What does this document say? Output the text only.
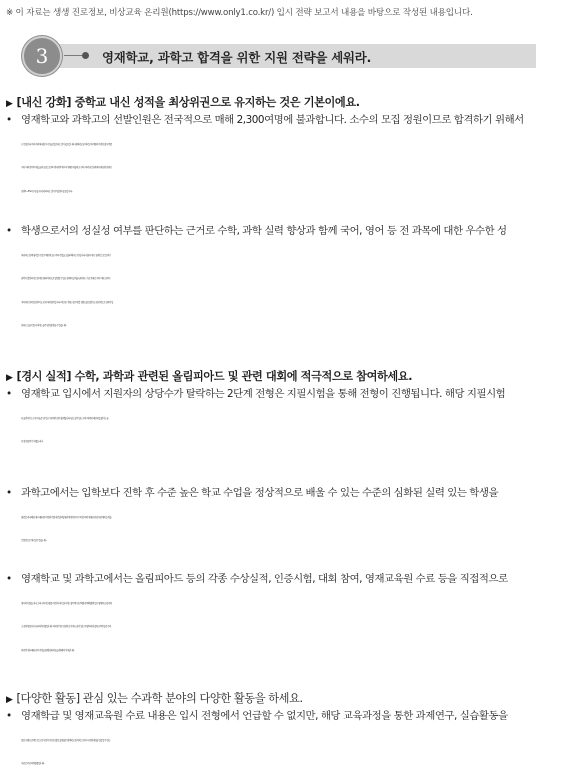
※ 이 자료는 생생 진로정보, 비상교육 온리원(https://www.only1.co.kr/) 입시 전략 보고서 내용을 바탕으로 작성된 내용입니다.
3	영재학교, 과학고 합격을 위한 지원 전략을 세워라.
▶ [내신 강화] 중학교 내신 성적을 최상위권으로 유지하는 것은 기본이에요.
• 영재학교와 과학고의 선발인원은 전국적으로 매해 2,300여명에 불과합니다. 소수의 모집 정원이므로 합격하기 위해서
는 무엇보다 수학, 과학에 대한 우수성을 입증하는 것이 중요합니다. 영재학교 및 과학고에 지원하기 위한 첫 단계로
수학, 과학 분야의 재능을 학교장으로부터 추천 받아야 하기 때문에 중학교 수학, 과학 내신성적에서 최상위 성적인
상위 1~3%의 수준을 유지, 관리하는 것이 무엇보다 중요합니다.
• 학생으로서의 성실성 여부를 판단하는 근거로 수학, 과학 실력 향상과 함께 국어, 영어 등 전 과목에 대한 우수한 성
적 관리도 함께 평가할 수 있기 때문에 모든 과목 수업을 소홀히 해서는 안 됩니다. 더불어 내신 성적만으로 합격의
당락이 결정되지는 않지만, 장래 과학도로 발전할 수 있는 잠재적 능력을 판단하는 기초 잣대로 수학, 과학 교과의
지속적인 성적 향상 추이도 주요하게 평가합니다. 학년 초기에는 낮은 학업 성취도를 보였어도 점진적으로 성적이 향
상되는 모습이 입시에서는 좋은 평가를 받을 수 있습니다.
▶ [경시 실적] 수학, 과학과 관련된 올림피아드 및 관련 대회에 적극적으로 참여하세요.
• 영재학교 입시에서 지원자의 상당수가 탈락하는 2단계 전형은 지필시험을 통해 전형이 진행됩니다. 해당 지필시험
은 올림피아드 수준의 높은 난이도의 문제가 많이 출제됩니다. 평소 깊이 있는 수학, 과학에 대한 학습 없이는 좋
은 점수를 얻기 어렵습니다.
• 과학고에서는 입학보다 진학 후 수준 높은 학교 수업을 정상적으로 배울 수 있는 수준의 심화된 실력 있는 학생을
희망합니다. 해당 경시대회 참여 경험이 있다면 입학담당관에게 본인의 수학 및 과학에 대한 관심과 잠재적 능력을
간접적으로 제시할 수 있습니다.
• 영재학교 및 과학고에서는 올림피아드 등의 각종 수상실적, 인증시험, 대회 참여, 영재교육원 수료 등을 직접적으로
평가하지 않습니다. 그러나 이러한 활동 과정 속에서 길러지는 창의력, 탐구역량, 문제해결력 등은 영재학교 및 과학
고 진학에 있어서 유리하게 작용됩니다. 과학 분야로 성장하고자 하는 꿈이 있는 학생이라면, 중학교 3년 동안 수과
학 관련 경시대회 준비 과정을 통해 심화 학습을 병행하기 바랍니다.
▶ [다양한 활동] 관심 있는 수과학 분야의 다양한 활동을 하세요.
• 영재학급 및 영재교육원 수료 내용은 입시 전형에서 언급할 수 없지만, 해당 교육과정을 통한 과제연구, 실습활동을
통한 수행 프로젝트 보고, 탐구일지 작성 등 활동 실적물은 영재학교 및 과학고 진학 시에 영재성을 입증할 수 있는
자료로 주요하게 활용됩니다.
